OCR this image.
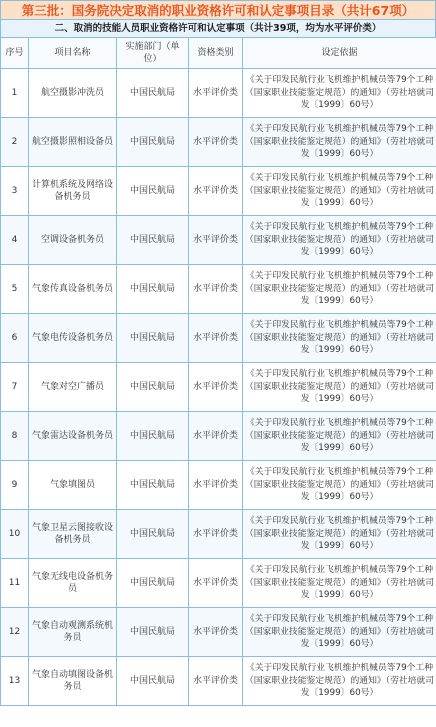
第三批：国务院决定取消的职业资格许可和认定事项目录（共计67项）
二、取消的技能人员职业资格许可和认定事项（共计39项，均为水平评价类）
序号	项目名称	实施部门（单位）	资格类别	设定依据
1	航空摄影冲洗员	中国民航局	水平评价类	《关于印发民航行业飞机维护机械员等79个工种（国家职业技能鉴定规范）的通知》（劳社培就司发〔1999〕60号）
2	航空摄影照相设备员	中国民航局	水平评价类	《关于印发民航行业飞机维护机械员等79个工种（国家职业技能鉴定规范）的通知》（劳社培就司发〔1999〕60号）
3	计算机系统及网络设备机务员	中国民航局	水平评价类	《关于印发民航行业飞机维护机械员等79个工种（国家职业技能鉴定规范）的通知》（劳社培就司发〔1999〕60号）
4	空调设备机务员	中国民航局	水平评价类	《关于印发民航行业飞机维护机械员等79个工种（国家职业技能鉴定规范）的通知》（劳社培就司发〔1999〕60号）
5	气象传真设备机务员	中国民航局	水平评价类	《关于印发民航行业飞机维护机械员等79个工种（国家职业技能鉴定规范）的通知》（劳社培就司发〔1999〕60号）
6	气象电传设备机务员	中国民航局	水平评价类	《关于印发民航行业飞机维护机械员等79个工种（国家职业技能鉴定规范）的通知》（劳社培就司发〔1999〕60号）
7	气象对空广播员	中国民航局	水平评价类	《关于印发民航行业飞机维护机械员等79个工种（国家职业技能鉴定规范）的通知》（劳社培就司发〔1999〕60号）
8	气象雷达设备机务员	中国民航局	水平评价类	《关于印发民航行业飞机维护机械员等79个工种（国家职业技能鉴定规范）的通知》（劳社培就司发〔1999〕60号）
9	气象填图员	中国民航局	水平评价类	《关于印发民航行业飞机维护机械员等79个工种（国家职业技能鉴定规范）的通知》（劳社培就司发〔1999〕60号）
10	气象卫星云图接收设备机务员	中国民航局	水平评价类	《关于印发民航行业飞机维护机械员等79个工种（国家职业技能鉴定规范）的通知》（劳社培就司发〔1999〕60号）
11	气象无线电设备机务员	中国民航局	水平评价类	《关于印发民航行业飞机维护机械员等79个工种（国家职业技能鉴定规范）的通知》（劳社培就司发〔1999〕60号）
12	气象自动观测系统机务员	中国民航局	水平评价类	《关于印发民航行业飞机维护机械员等79个工种（国家职业技能鉴定规范）的通知》（劳社培就司发〔1999〕60号）
13	气象自动填图设备机务员	中国民航局	水平评价类	《关于印发民航行业飞机维护机械员等79个工种（国家职业技能鉴定规范）的通知》（劳社培就司发〔1999〕60号）
